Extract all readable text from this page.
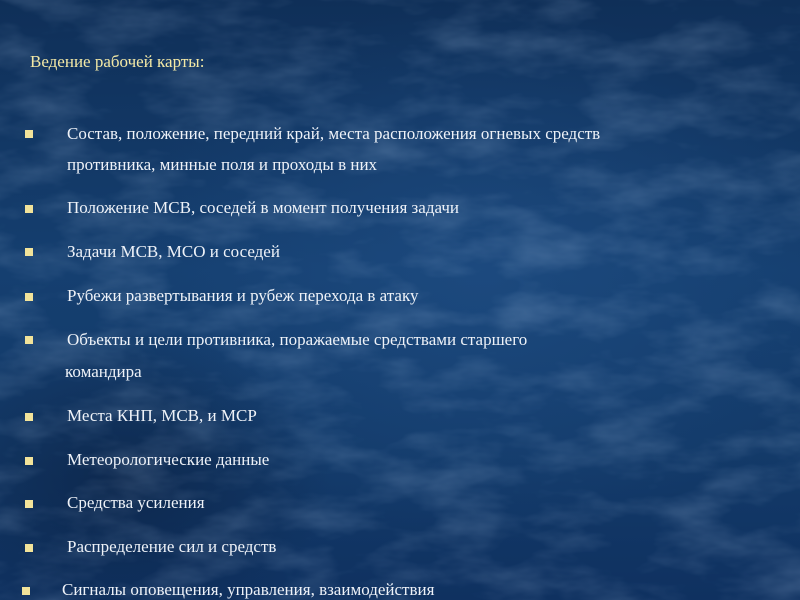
Ведение рабочей карты:
Состав, положение, передний край, места расположения огневых средств
противника, минные поля и проходы в них
Положение МСВ, соседей в момент получения задачи
Задачи МСВ, МСО и соседей
Рубежи развертывания и рубеж перехода в атаку
Объекты и цели противника, поражаемые средствами старшего
командира
Места КНП, МСВ, и МСР
Метеорологические данные
Средства усиления
Распределение сил и средств
Сигналы оповещения, управления, взаимодействия
